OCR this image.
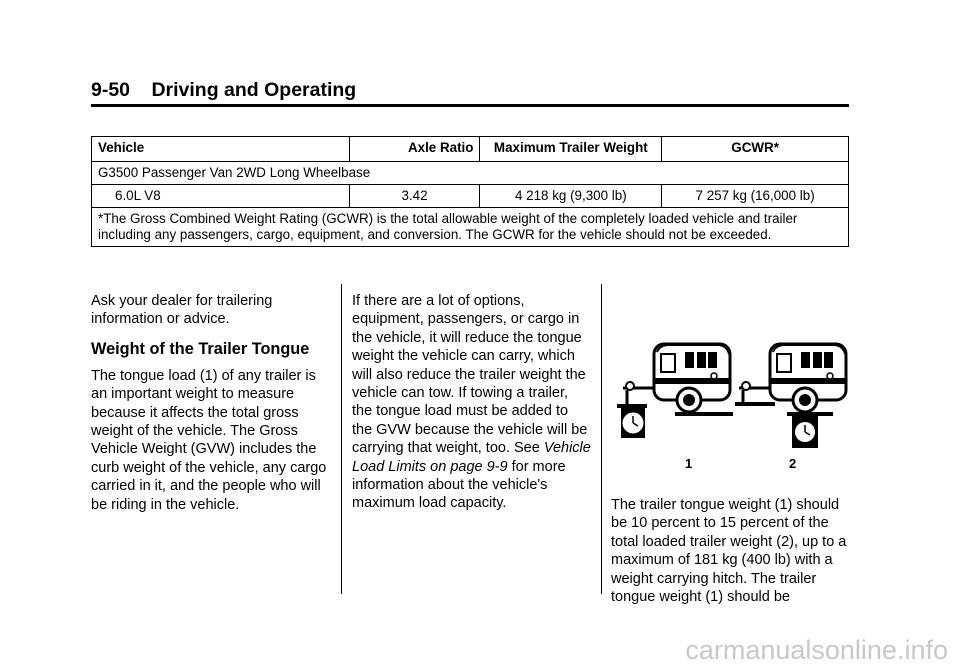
9-50 Driving and Operating
Vehicle	Axle Ratio	Maximum Trailer Weight	GCWR*
G3500 Passenger Van 2WD Long Wheelbase			
6.0L V8	3.42	4 218 kg (9,300 lb)	7 257 kg (16,000 lb)
*The Gross Combined Weight Rating (GCWR) is the total allowable weight of the completely loaded vehicle and trailer including any passengers, cargo, equipment, and conversion. The GCWR for the vehicle should not be exceeded.			

Ask your dealer for trailering information or advice.

Weight of the Trailer Tongue

The tongue load (1) of any trailer is an important weight to measure because it affects the total gross weight of the vehicle. The Gross Vehicle Weight (GVW) includes the curb weight of the vehicle, any cargo carried in it, and the people who will be riding in the vehicle.

If there are a lot of options, equipment, passengers, or cargo in the vehicle, it will reduce the tongue weight the vehicle can carry, which will also reduce the trailer weight the vehicle can tow. If towing a trailer, the tongue load must be added to the GVW because the vehicle will be carrying that weight, too. See Vehicle Load Limits on page 9-9 for more information about the vehicle's maximum load capacity.

1	2

The trailer tongue weight (1) should be 10 percent to 15 percent of the total loaded trailer weight (2), up to a maximum of 181 kg (400 lb) with a weight carrying hitch. The trailer tongue weight (1) should be

carmanualsonline.info
